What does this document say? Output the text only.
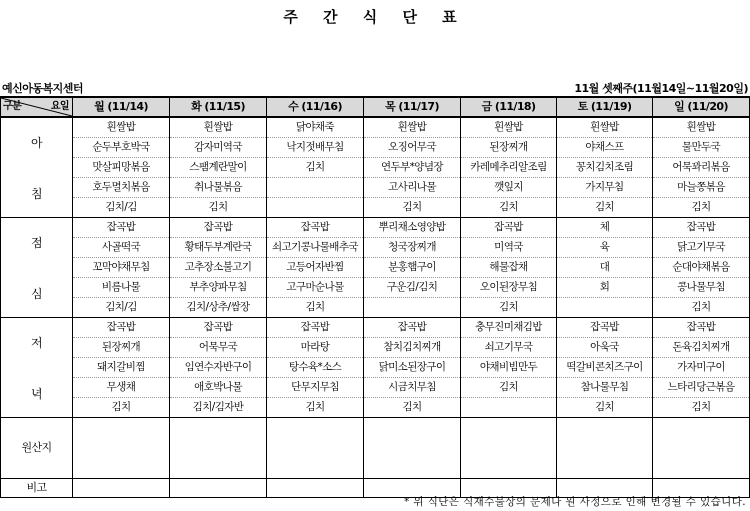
주 간 식 단 표
예신아동복지센터	11월 셋째주(11월14일~11월20일)
구분 요일	월 (11/14)	화 (11/15)	수 (11/16)	목 (11/17)	금 (11/18)	토 (11/19)	일 (11/20)

아
침	흰쌀밥	흰쌀밥	닭야채죽	흰쌀밥	흰쌀밥	흰쌀밥	흰쌀밥
	순두부호박국	감자미역국	낙지젓배무침	오징어무국	된장찌개	야채스프	물만두국
	맛살피망볶음	스팸계란말이	김치	연두부*양념장	카레메추리알조림	꽁치김치조림	어묵꽈리볶음
	호두멸치볶음	취나물볶음		고사리나물	깻잎지	가지무침	마늘쫑볶음
	김치/김	김치		김치	김치	김치	김치

점
심	잡곡밥	잡곡밥	잡곡밥	뿌리채소영양밥	잡곡밥	체	잡곡밥
	사골떡국	황태두부계란국	쇠고기콩나물배추국	청국장찌개	미역국	육	닭고기무국
	꼬막야채무침	고추장소불고기	고등어자반찜	분홍햄구이	해물잡채	대	순대야채볶음
	비름나물	부추양파무침	고구마순나물	구운김/김치	오이된장무침	회	콩나물무침
	김치/김	김치/상추/쌈장	김치		김치		김치

저
녁	잡곡밥	잡곡밥	잡곡밥	잡곡밥	충무진미채김밥	잡곡밥	잡곡밥
	된장찌개	어묵무국	마라탕	참치김치찌개	쇠고기무국	아욱국	돈육김치찌개
	돼지갈비찜	임연수자반구이	탕수육*소스	닭미소된장구이	야채비빔만두	떡갈비콘치즈구이	가자미구이
	무생채	애호박나물	단무지무침	시금치무침	김치	참나물무침	느타리당근볶음
	김치	김치/김자반	김치	김치		김치	김치
원산지							
비고							
* 위 식단은 식재수불상의 문제나 원 사정으로 인해 변경될 수 있습니다.
